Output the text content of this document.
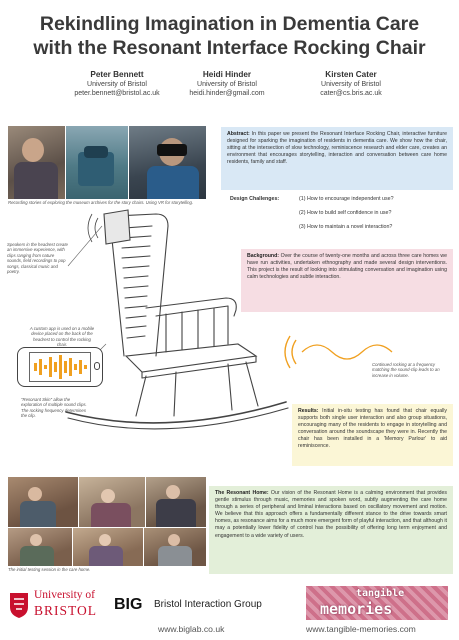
Rekindling Imagination in Dementia Care
with the Resonant Interface Rocking Chair
Peter Bennett
University of Bristol
peter.bennett@bristol.ac.uk
Heidi Hinder
University of Bristol
heidi.hinder@gmail.com
Kirsten Cater
University of Bristol
cater@cs.bris.ac.uk
Recording stories of exploring the museum archives for the story chairs. Using VR for storytelling.
Abstract: In this paper we present the Resonant Interface Rocking Chair, interactive furniture designed for sparking the imagination of residents in dementia care. We show how the chair, sitting at the intersection of slow technology, reminiscence research and elder care, creates an environment that encourages storytelling, interaction and conversation between care home residents, family and staff.
Design Challenges:	(1) How to encourage independent use?
(2) How to build self confidence in use?
(3) How to maintain a novel interaction?
Speakers in the headrest create an immersive experience, with clips ranging from nature sounds, field recordings to pop songs, classical music and poetry.
A custom app is used on a mobile device placed on the back of the headrest to control the rocking chair.
"Resonant Skin" allow the exploration of multiple sound clips. The rocking frequency determines the clip.
Continued rocking at a frequency matching the sound-clip leads to an increase in volume.
Background: Over the course of twenty-one months and across three care homes we have run activities, undertaken ethnography and made several design interventions. This project is the result of looking into stimulating conversation and imagination using calm technologies and subtle interaction.
Results: Initial in-situ testing has found that chair equally supports both single user interaction and also group situations, encouraging many of the residents to engage in storytelling and conversation around the soundscape they were in. Recently the chair has been installed in a 'Memory Parlour' to aid reminiscence.
The initial testing session in the care home.
The Resonant Home: Our vision of the Resonant Home is a calming environment that provides gentle stimulus through music, memories and spoken word, subtly augmenting the care home through a series of peripheral and liminal interactions based on oscillatory movement and motion. We believe that this approach offers a fundamentally different stance to the drive towards smart homes, as resonance aims for a much more emergent form of playful interaction, and that although it may a potentially lower fidelity of control has the possibility of offering long term enjoyment and engagement to a wide variety of users.
University of
BRISTOL BIG Bristol Interaction Group
www.biglab.co.uk
tangible
memories
www.tangible-memories.com
